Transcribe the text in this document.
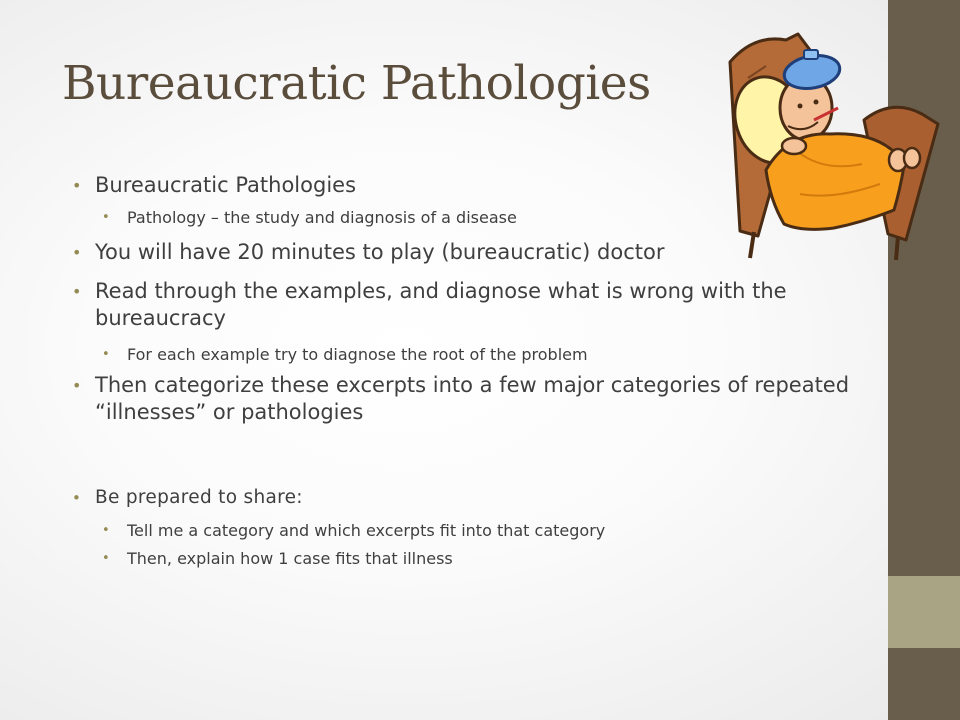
Bureaucratic Pathologies
• Bureaucratic Pathologies
• Pathology – the study and diagnosis of a disease
• You will have 20 minutes to play (bureaucratic) doctor
• Read through the examples, and diagnose what is wrong with the bureaucracy
• For each example try to diagnose the root of the problem
• Then categorize these excerpts into a few major categories of repeated “illnesses” or pathologies
• Be prepared to share:
• Tell me a category and which excerpts fit into that category
• Then, explain how 1 case fits that illness
